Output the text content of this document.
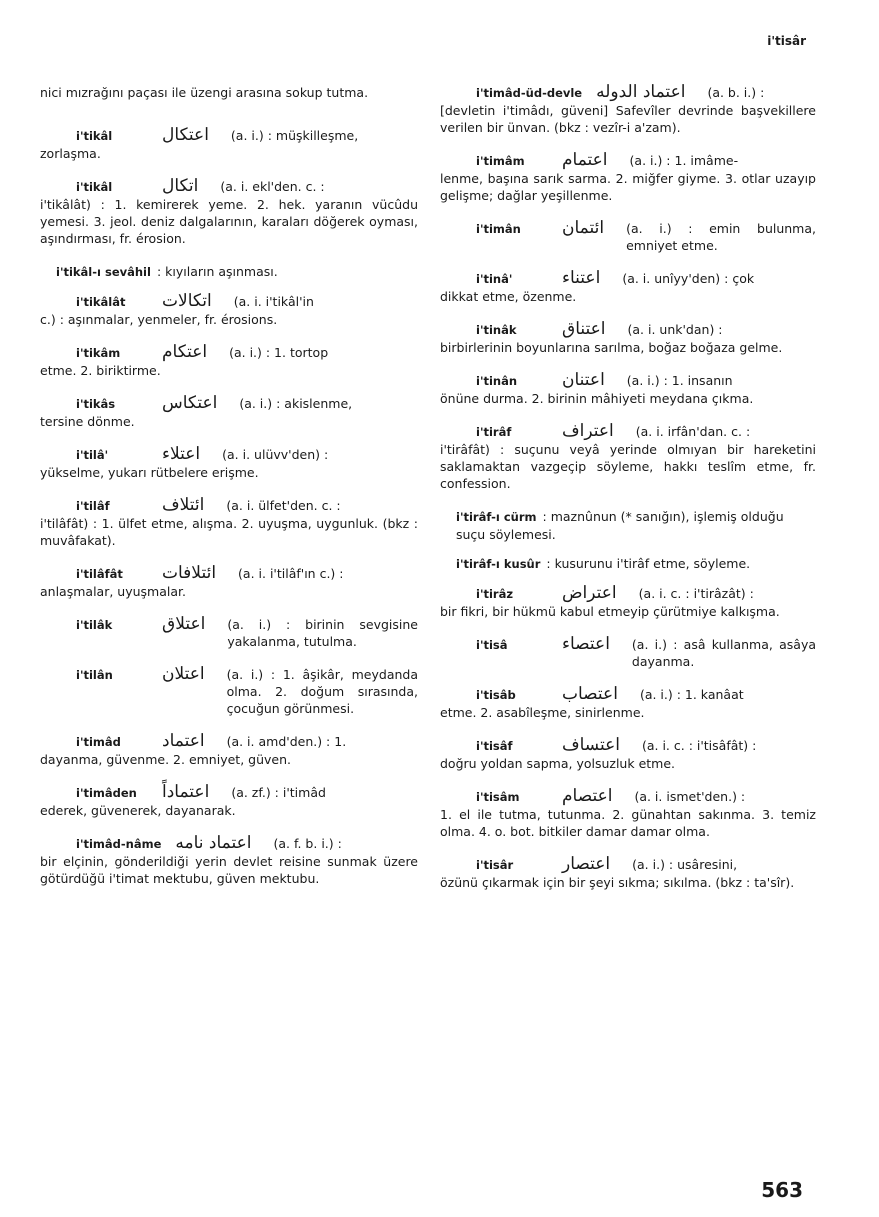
i'tisâr

nici mızrağını paçası ile üzengi arasına sokup tutma.

i'tikâl	اعتكال (a. i.) : müşkilleşme,

zorlaşma.

i'tikâl	اتكال (a. i. ekl'den. c. :

i'tikâlât) : 1. kemirerek yeme. 2. hek. yaranın vücûdu yemesi. 3. jeol. deniz dalgalarının, karaları döğerek oyması, aşındırması, fr. érosion.

i'tikâl-ı sevâhil : kıyıların aşınması.
i'tikâlât	اتكالات (a. i. i'tikâl'in

c.) : aşınmalar, yenmeler, fr. érosions.

i'tikâm	اعتكام (a. i.) : 1. tortop

etme. 2. biriktirme.

i'tikâs	اعتكاس (a. i.) : akislenme,

tersine dönme.

i'tilâ'	اعتلاء (a. i. ulüvv'den) :

yükselme, yukarı rütbelere erişme.

i'tilâf	ائتلاف (a. i. ülfet'den. c. :

i'tilâfât) : 1. ülfet etme, alışma. 2. uyuşma, uygunluk. (bkz : muvâfakat).

i'tilâfât	ائتلافات (a. i. i'tilâf'ın c.) :

anlaşmalar, uyuşmalar.

i'tilâk	اعتلاق (a. i.) : birinin sevgisine yakalanma, tutulma.
i'tilân	اعتلان (a. i.) : 1. âşikâr, meydanda olma. 2. doğum sırasında, çocuğun görünmesi.
i'timâd	اعتماد (a. i. amd'den.) : 1.

dayanma, güvenme. 2. emniyet, güven.

i'timâden	اعتماداً (a. zf.) : i'timâd

ederek, güvenerek, dayanarak.

i'timâd-nâme اعتماد نامه (a. f. b. i.) :

bir elçinin, gönderildiği yerin devlet reisine sunmak üzere götürdüğü i'timat mektubu, güven mektubu.

i'timâd-üd-devle اعتماد الدوله (a. b. i.) :

[devletin i'timâdı, güveni] Safevîler devrinde başvekillere verilen bir ünvan. (bkz : vezîr-i a'zam).

i'timâm	اعتمام (a. i.) : 1. imâme-

lenme, başına sarık sarma. 2. miğfer giyme. 3. otlar uzayıp gelişme; dağlar yeşillenme.

i'timân	ائتمان (a. i.) : emin bulunma, emniyet etme.
i'tinâ'	اعتناء (a. i. unîyy'den) : çok

dikkat etme, özenme.

i'tinâk	اعتناق (a. i. unk'dan) :

birbirlerinin boyunlarına sarılma, boğaz boğaza gelme.

i'tinân	اعتنان (a. i.) : 1. insanın

önüne durma. 2. birinin mâhiyeti meydana çıkma.

i'tirâf	اعتراف (a. i. irfân'dan. c. :

i'tirâfât) : suçunu veyâ yerinde olmıyan bir hareketini saklamaktan vazgeçip söyleme, hakkı teslîm etme, fr. confession.

i'tirâf-ı cürm : maznûnun (* sanığın), işlemiş olduğu suçu söylemesi.
i'tirâf-ı kusûr : kusurunu i'tirâf etme, söyleme.
i'tirâz	اعتراض (a. i. c. : i'tirâzât) :

bir fikri, bir hükmü kabul etmeyip çürütmiye kalkışma.

i'tisâ	اعتصاء (a. i.) : asâ kullanma, asâya dayanma.
i'tisâb	اعتصاب (a. i.) : 1. kanâat

etme. 2. asabîleşme, sinirlenme.

i'tisâf	اعتساف (a. i. c. : i'tisâfât) :

doğru yoldan sapma, yolsuzluk etme.

i'tisâm	اعتصام (a. i. ismet'den.) :

1. el ile tutma, tutunma. 2. günahtan sakınma. 3. temiz olma. 4. o. bot. bitkiler damar damar olma.

i'tisâr	اعتصار (a. i.) : usâresini,

özünü çıkarmak için bir şeyi sıkma; sıkılma. (bkz : ta'sîr).

563
